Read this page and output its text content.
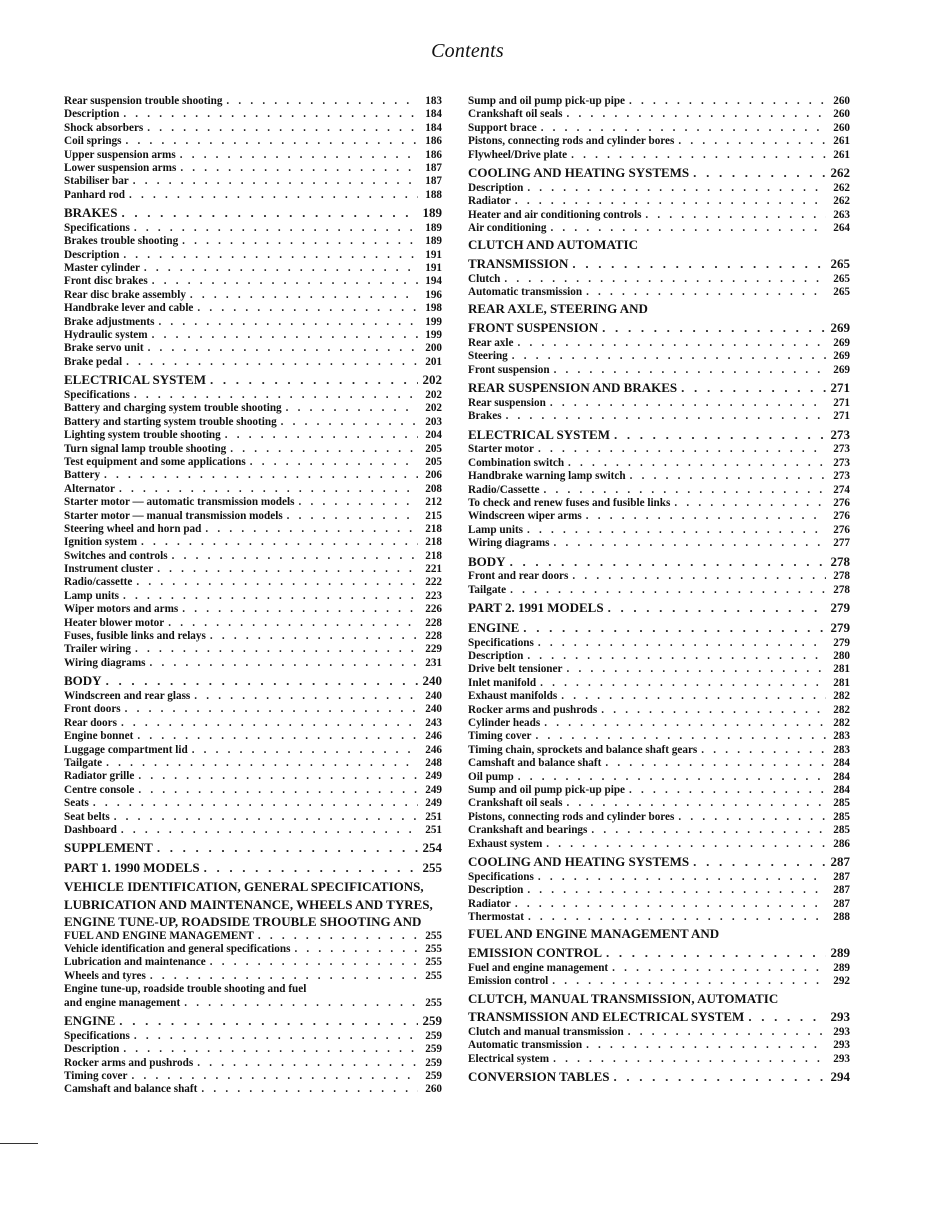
Contents
Rear suspension trouble shooting . . .	183
Description . . .	184
Shock absorbers . . .	184
Coil springs . . .	186
Upper suspension arms . . .	186
Lower suspension arms . . .	187
Stabiliser bar . . .	187
Panhard rod . . .	188
BRAKES . . .	189
Specifications . . .	189
Brakes trouble shooting . . .	189
Description . . .	191
Master cylinder . . .	191
Front disc brakes . . .	194
Rear disc brake assembly . . .	196
Handbrake lever and cable . . .	198
Brake adjustments . . .	199
Hydraulic system . . .	199
Brake servo unit . . .	200
Brake pedal . . .	201
ELECTRICAL SYSTEM . . .	202
Specifications . . .	202
Battery and charging system trouble shooting . . .	202
Battery and starting system trouble shooting . . .	203
Lighting system trouble shooting . . .	204
Turn signal lamp trouble shooting . . .	205
Test equipment and some applications . . .	205
Battery . . .	206
Alternator . . .	208
Starter motor — automatic transmission models . . .	212
Starter motor — manual transmission models . . .	215
Steering wheel and horn pad . . .	218
Ignition system . . .	218
Switches and controls . . .	218
Instrument cluster . . .	221
Radio/cassette . . .	222
Lamp units . . .	223
Wiper motors and arms . . .	226
Heater blower motor . . .	228
Fuses, fusible links and relays . . .	228
Trailer wiring . . .	229
Wiring diagrams . . .	231
BODY . . .	240
Windscreen and rear glass . . .	240
Front doors . . .	240
Rear doors . . .	243
Engine bonnet . . .	246
Luggage compartment lid . . .	246
Tailgate . . .	248
Radiator grille . . .	249
Centre console . . .	249
Seats . . .	249
Seat belts . . .	251
Dashboard . . .	251
SUPPLEMENT . . .	254
PART 1. 1990 MODELS . . .	255
VEHICLE IDENTIFICATION, GENERAL SPECIFICATIONS,
LUBRICATION AND MAINTENANCE, WHEELS AND TYRES,
ENGINE TUNE-UP, ROADSIDE TROUBLE SHOOTING AND
FUEL AND ENGINE MANAGEMENT . . .	255
Vehicle identification and general specifications . . .	255
Lubrication and maintenance . . .	255
Wheels and tyres . . .	255
Engine tune-up, roadside trouble shooting and fuel
and engine management . . .	255
ENGINE . . .	259
Specifications . . .	259
Description . . .	259
Rocker arms and pushrods . . .	259
Timing cover . . .	259
Camshaft and balance shaft . . .	260
Sump and oil pump pick-up pipe . . .	260
Crankshaft oil seals . . .	260
Support brace . . .	260
Pistons, connecting rods and cylinder bores . . .	261
Flywheel/Drive plate . . .	261
COOLING AND HEATING SYSTEMS . . .	262
Description . . .	262
Radiator . . .	262
Heater and air conditioning controls . . .	263
Air conditioning . . .	264
CLUTCH AND AUTOMATIC
TRANSMISSION . . .	265
Clutch . . .	265
Automatic transmission . . .	265
REAR AXLE, STEERING AND
FRONT SUSPENSION . . .	269
Rear axle . . .	269
Steering . . .	269
Front suspension . . .	269
REAR SUSPENSION AND BRAKES . . .	271
Rear suspension . . .	271
Brakes . . .	271
ELECTRICAL SYSTEM . . .	273
Starter motor . . .	273
Combination switch . . .	273
Handbrake warning lamp switch . . .	273
Radio/Cassette . . .	274
To check and renew fuses and fusible links . . .	276
Windscreen wiper arms . . .	276
Lamp units . . .	276
Wiring diagrams . . .	277
BODY . . .	278
Front and rear doors . . .	278
Tailgate . . .	278
PART 2. 1991 MODELS . . .	279
ENGINE . . .	279
Specifications . . .	279
Description . . .	280
Drive belt tensioner . . .	281
Inlet manifold . . .	281
Exhaust manifolds . . .	282
Rocker arms and pushrods . . .	282
Cylinder heads . . .	282
Timing cover . . .	283
Timing chain, sprockets and balance shaft gears . . .	283
Camshaft and balance shaft . . .	284
Oil pump . . .	284
Sump and oil pump pick-up pipe . . .	284
Crankshaft oil seals . . .	285
Pistons, connecting rods and cylinder bores . . .	285
Crankshaft and bearings . . .	285
Exhaust system . . .	286
COOLING AND HEATING SYSTEMS . . .	287
Specifications . . .	287
Description . . .	287
Radiator . . .	287
Thermostat . . .	288
FUEL AND ENGINE MANAGEMENT AND
EMISSION CONTROL . . .	289
Fuel and engine management . . .	289
Emission control . . .	292
CLUTCH, MANUAL TRANSMISSION, AUTOMATIC
TRANSMISSION AND ELECTRICAL SYSTEM . . .	293
Clutch and manual transmission . . .	293
Automatic transmission . . .	293
Electrical system . . .	293
CONVERSION TABLES . . .	294
